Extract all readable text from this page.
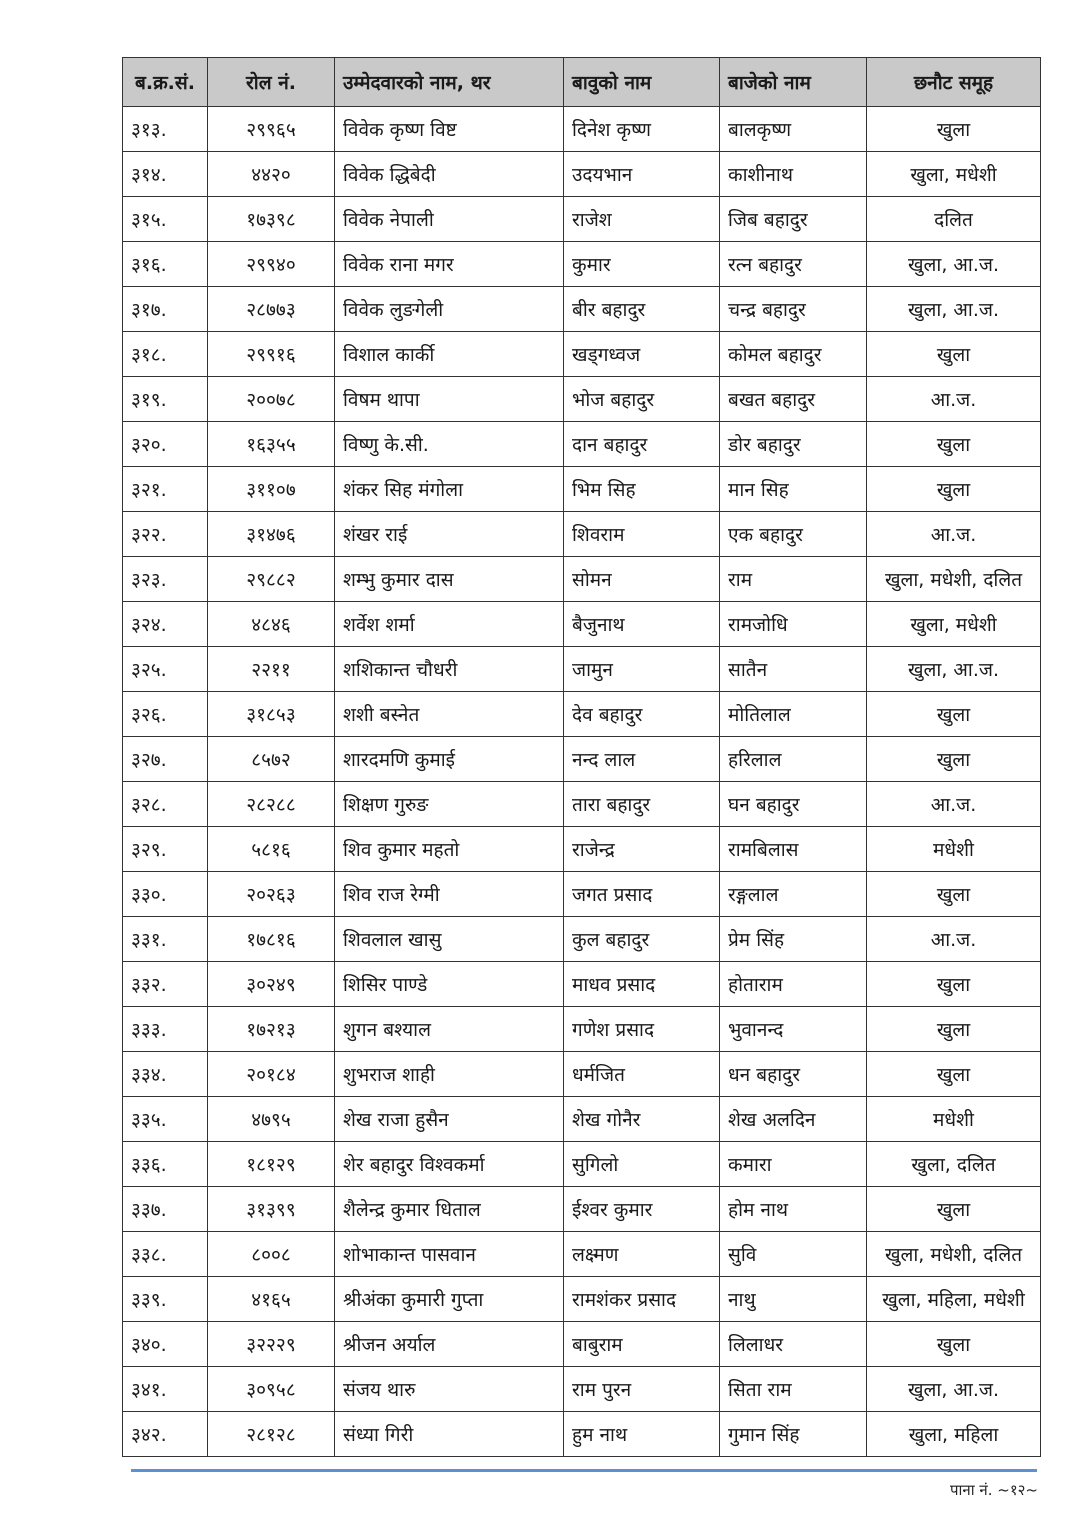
ब.क्र.सं.	रोल नं.	उम्मेदवारको नाम, थर	बावुको नाम	बाजेको नाम	छनौट समूह
३१३.	२९९६५	विवेक कृष्ण विष्ट	दिनेश कृष्ण	बालकृष्ण	खुला
३१४.	४४२०	विवेक द्धिबेदी	उदयभान	काशीनाथ	खुला, मधेशी
३१५.	१७३९८	विवेक नेपाली	राजेश	जिब बहादुर	दलित
३१६.	२९९४०	विवेक राना मगर	कुमार	रत्न बहादुर	खुला, आ.ज.
३१७.	२८७७३	विवेक लुङगेली	बीर बहादुर	चन्द्र बहादुर	खुला, आ.ज.
३१८.	२९९१६	विशाल कार्की	खड्गध्वज	कोमल बहादुर	खुला
३१९.	२००७८	विषम थापा	भोज बहादुर	बखत बहादुर	आ.ज.
३२०.	१६३५५	विष्णु के.सी.	दान बहादुर	डोर बहादुर	खुला
३२१.	३११०७	शंकर सिह मंगोला	भिम सिह	मान सिह	खुला
३२२.	३१४७६	शंखर राई	शिवराम	एक बहादुर	आ.ज.
३२३.	२९८८२	शम्भु कुमार दास	सोमन	राम	खुला, मधेशी, दलित
३२४.	४८४६	शर्वेश शर्मा	बैजुनाथ	रामजोधि	खुला, मधेशी
३२५.	२२११	शशिकान्त चौधरी	जामुन	सातैन	खुला, आ.ज.
३२६.	३१८५३	शशी बस्नेत	देव बहादुर	मोतिलाल	खुला
३२७.	८५७२	शारदमणि कुमाई	नन्द लाल	हरिलाल	खुला
३२८.	२८२८८	शिक्षण गुरुङ	तारा बहादुर	घन बहादुर	आ.ज.
३२९.	५८१६	शिव कुमार महतो	राजेन्द्र	रामबिलास	मधेशी
३३०.	२०२६३	शिव राज रेग्मी	जगत प्रसाद	रङ्गलाल	खुला
३३१.	१७८१६	शिवलाल खासु	कुल बहादुर	प्रेम सिंह	आ.ज.
३३२.	३०२४९	शिसिर पाण्डे	माधव प्रसाद	होताराम	खुला
३३३.	१७२१३	शुगन बश्याल	गणेश प्रसाद	भुवानन्द	खुला
३३४.	२०१८४	शुभराज शाही	धर्मजित	धन बहादुर	खुला
३३५.	४७९५	शेख राजा हुसैन	शेख गोनैर	शेख अलदिन	मधेशी
३३६.	१८१२९	शेर बहादुर विश्वकर्मा	सुगिलो	कमारा	खुला, दलित
३३७.	३१३९९	शैलेन्द्र कुमार धिताल	ईश्वर कुमार	होम नाथ	खुला
३३८.	८००८	शोभाकान्त पासवान	लक्ष्मण	सुवि	खुला, मधेशी, दलित
३३९.	४१६५	श्रीअंका कुमारी गुप्ता	रामशंकर प्रसाद	नाथु	खुला, महिला, मधेशी
३४०.	३२२२९	श्रीजन अर्याल	बाबुराम	लिलाधर	खुला
३४१.	३०९५८	संजय थारु	राम पुरन	सिता राम	खुला, आ.ज.
३४२.	२८१२८	संध्या गिरी	हुम नाथ	गुमान सिंह	खुला, महिला
पाना नं. ~१२~
